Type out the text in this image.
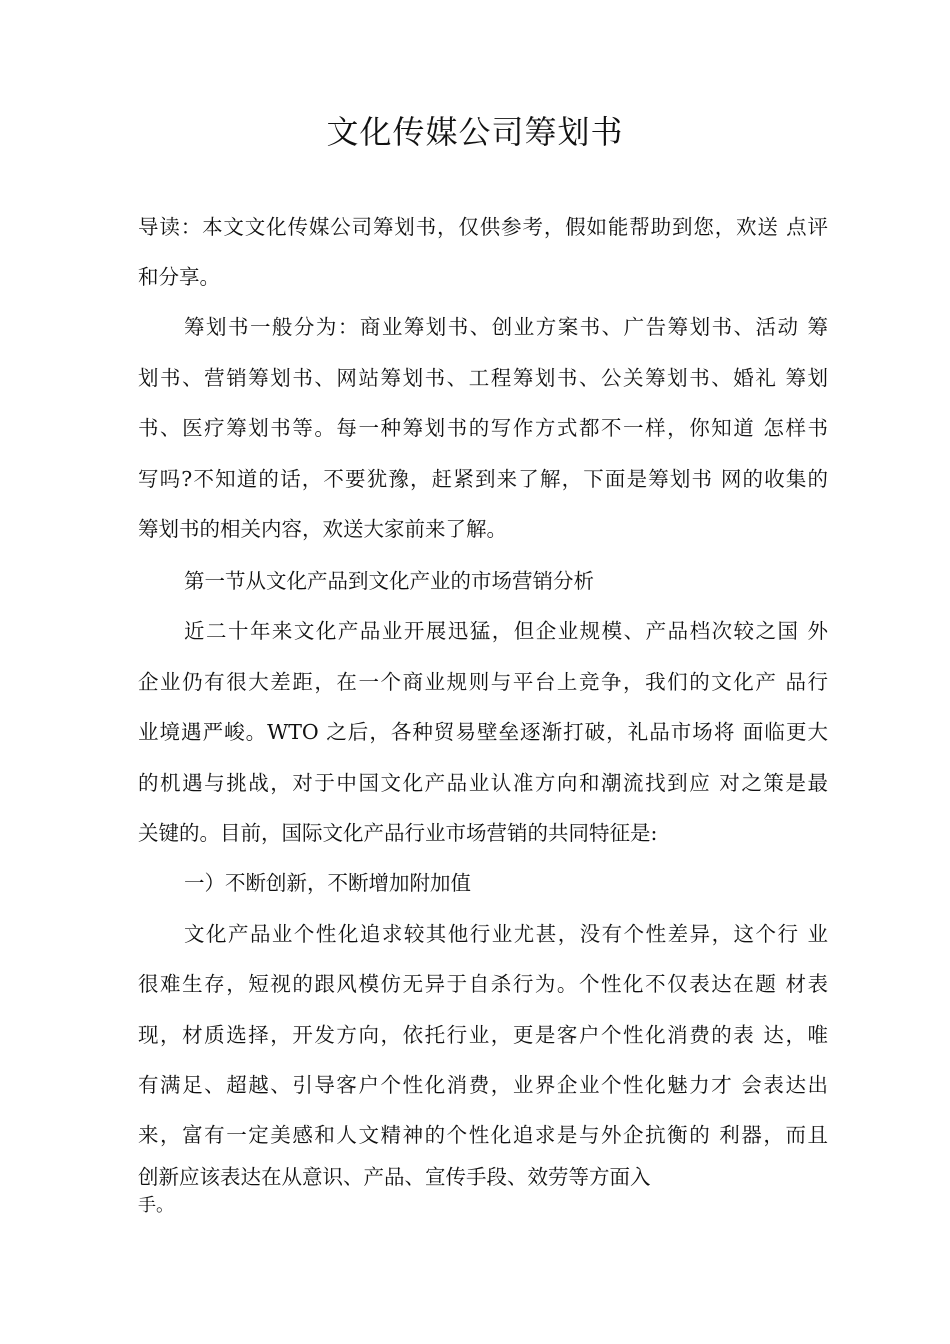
文化传媒公司筹划书
导读：本文文化传媒公司筹划书，仅供参考，假如能帮助到您，欢送 点评
和分享。
筹划书一般分为：商业筹划书、创业方案书、广告筹划书、活动 筹
划书、营销筹划书、网站筹划书、工程筹划书、公关筹划书、婚礼 筹划
书、医疗筹划书等。每一种筹划书的写作方式都不一样，你知道 怎样书
写吗?不知道的话，不要犹豫，赶紧到来了解，下面是筹划书 网的收集的
筹划书的相关内容，欢送大家前来了解。
第一节从文化产品到文化产业的市场营销分析
近二十年来文化产品业开展迅猛，但企业规模、产品档次较之国 外
企业仍有很大差距，在一个商业规则与平台上竞争，我们的文化产 品行
业境遇严峻。WTO 之后，各种贸易壁垒逐渐打破，礼品市场将 面临更大
的机遇与挑战，对于中国文化产品业认准方向和潮流找到应 对之策是最
关键的。目前，国际文化产品行业市场营销的共同特征是:
一）不断创新，不断增加附加值
文化产品业个性化追求较其他行业尤甚，没有个性差异，这个行 业
很难生存，短视的跟风模仿无异于自杀行为。个性化不仅表达在题 材表
现，材质选择，开发方向，依托行业，更是客户个性化消费的表 达，唯
有满足、超越、引导客户个性化消费，业界企业个性化魅力才 会表达出
来，富有一定美感和人文精神的个性化追求是与外企抗衡的 利器，而且
创新应该表达在从意识、产品、宣传手段、效劳等方面入
手。
